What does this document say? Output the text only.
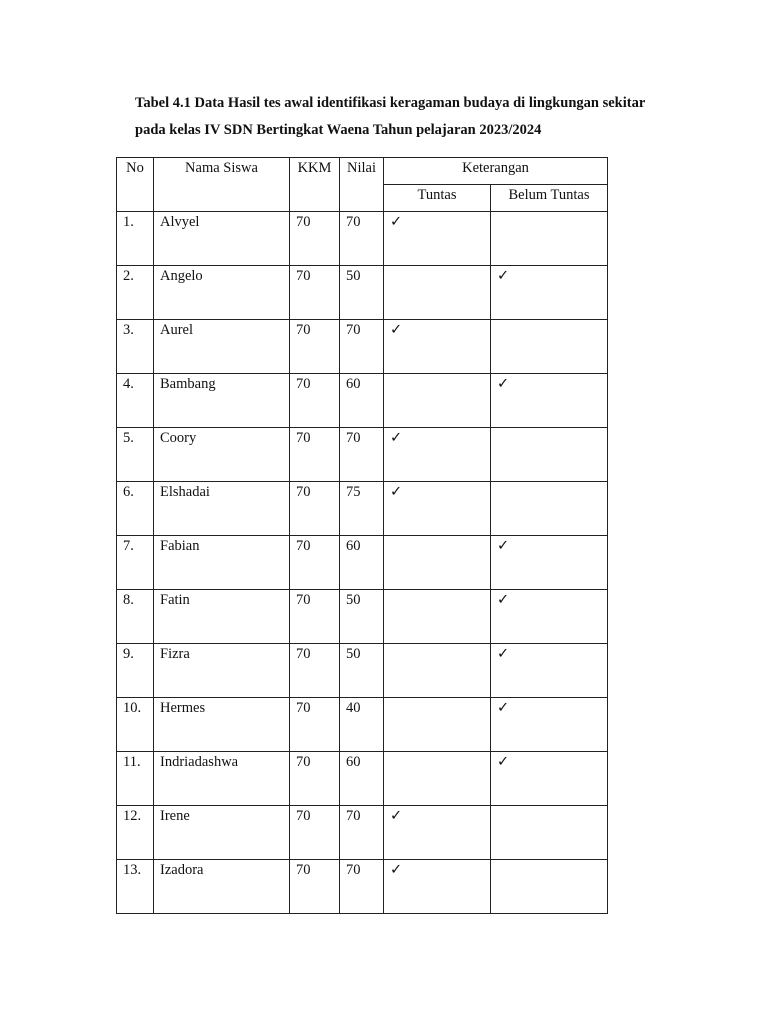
Tabel 4.1 Data Hasil tes awal identifikasi keragaman budaya di lingkungan sekitar
pada kelas IV SDN Bertingkat Waena Tahun pelajaran 2023/2024
No	Nama Siswa	KKM	Nilai	Keterangan	
				Tuntas	Belum Tuntas
1.	Alvyel	70	70	✓	
2.	Angelo	70	50		✓
3.	Aurel	70	70	✓	
4.	Bambang	70	60		✓
5.	Coory	70	70	✓	
6.	Elshadai	70	75	✓	
7.	Fabian	70	60		✓
8.	Fatin	70	50		✓
9.	Fizra	70	50		✓
10.	Hermes	70	40		✓
11.	Indriadashwa	70	60		✓
12.	Irene	70	70	✓	
13.	Izadora	70	70	✓	
